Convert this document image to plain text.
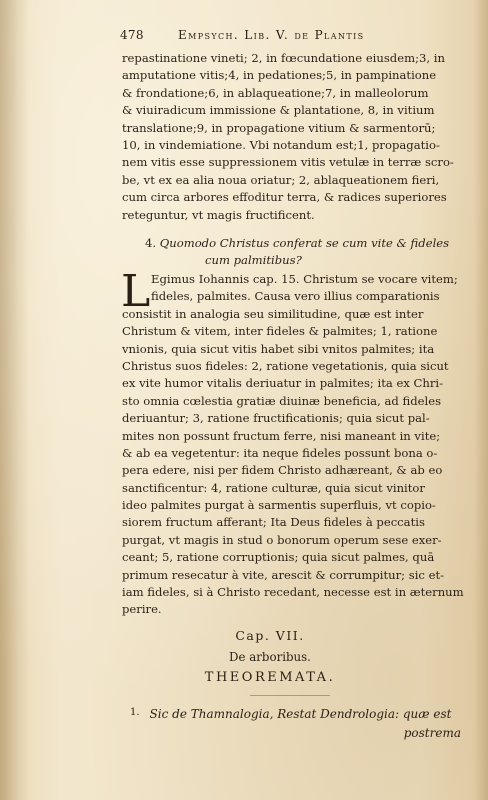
478	Empsych. Lib. V. de Plantis
repastinatione vineti; 2, in fœcundatione eiusdem;3, in
amputatione vitis;4, in pedationes;5, in pampinatione
& frondatione;6, in ablaqueatione;7, in malleolorum
& viuiradicum immissione & plantatione, 8, in vitium
translatione;9, in propagatione vitium & sarmentorū;
10, in vindemiatione. Vbi notandum est;1, propagatio-
nem vitis esse suppressionem vitis vetulæ in terræ scro-
be, vt ex ea alia noua oriatur; 2, ablaqueationem fieri,
cum circa arbores effoditur terra, & radices superiores
reteguntur, vt magis fructificent.
4. Quomodo Christus conferat se cum vite & fideles
cum palmitibus?
L Egimus Iohannis cap. 15. Christum se vocare vitem;
fideles, palmites. Causa vero illius comparationis
consistit in analogia seu similitudine, quæ est inter
Christum & vitem, inter fideles & palmites; 1, ratione
vnionis, quia sicut vitis habet sibi vnitos palmites; ita
Christus suos fideles: 2, ratione vegetationis, quia sicut
ex vite humor vitalis deriuatur in palmites; ita ex Chri-
sto omnia cœlestia gratiæ diuinæ beneficia, ad fideles
deriuantur; 3, ratione fructificationis; quia sicut pal-
mites non possunt fructum ferre, nisi maneant in vite;
& ab ea vegetentur: ita neque fideles possunt bona o-
pera edere, nisi per fidem Christo adhæreant, & ab eo
sanctificentur: 4, ratione culturæ, quia sicut vinitor
ideo palmites purgat à sarmentis superfluis, vt copio-
siorem fructum afferant; Ita Deus fideles à peccatis
purgat, vt magis in stud o bonorum operum sese exer-
ceant; 5, ratione corruptionis; quia sicut palmes, quā
primum resecatur à vite, arescit & corrumpitur; sic et-
iam fideles, si à Christo recedant, necesse est in æternum
perire.
Cap. VII.
De arboribus.
THEOREMATA.
$^{1.}$ Sic de Thamnalogia, Restat Dendrologia: quæ est
postrema
